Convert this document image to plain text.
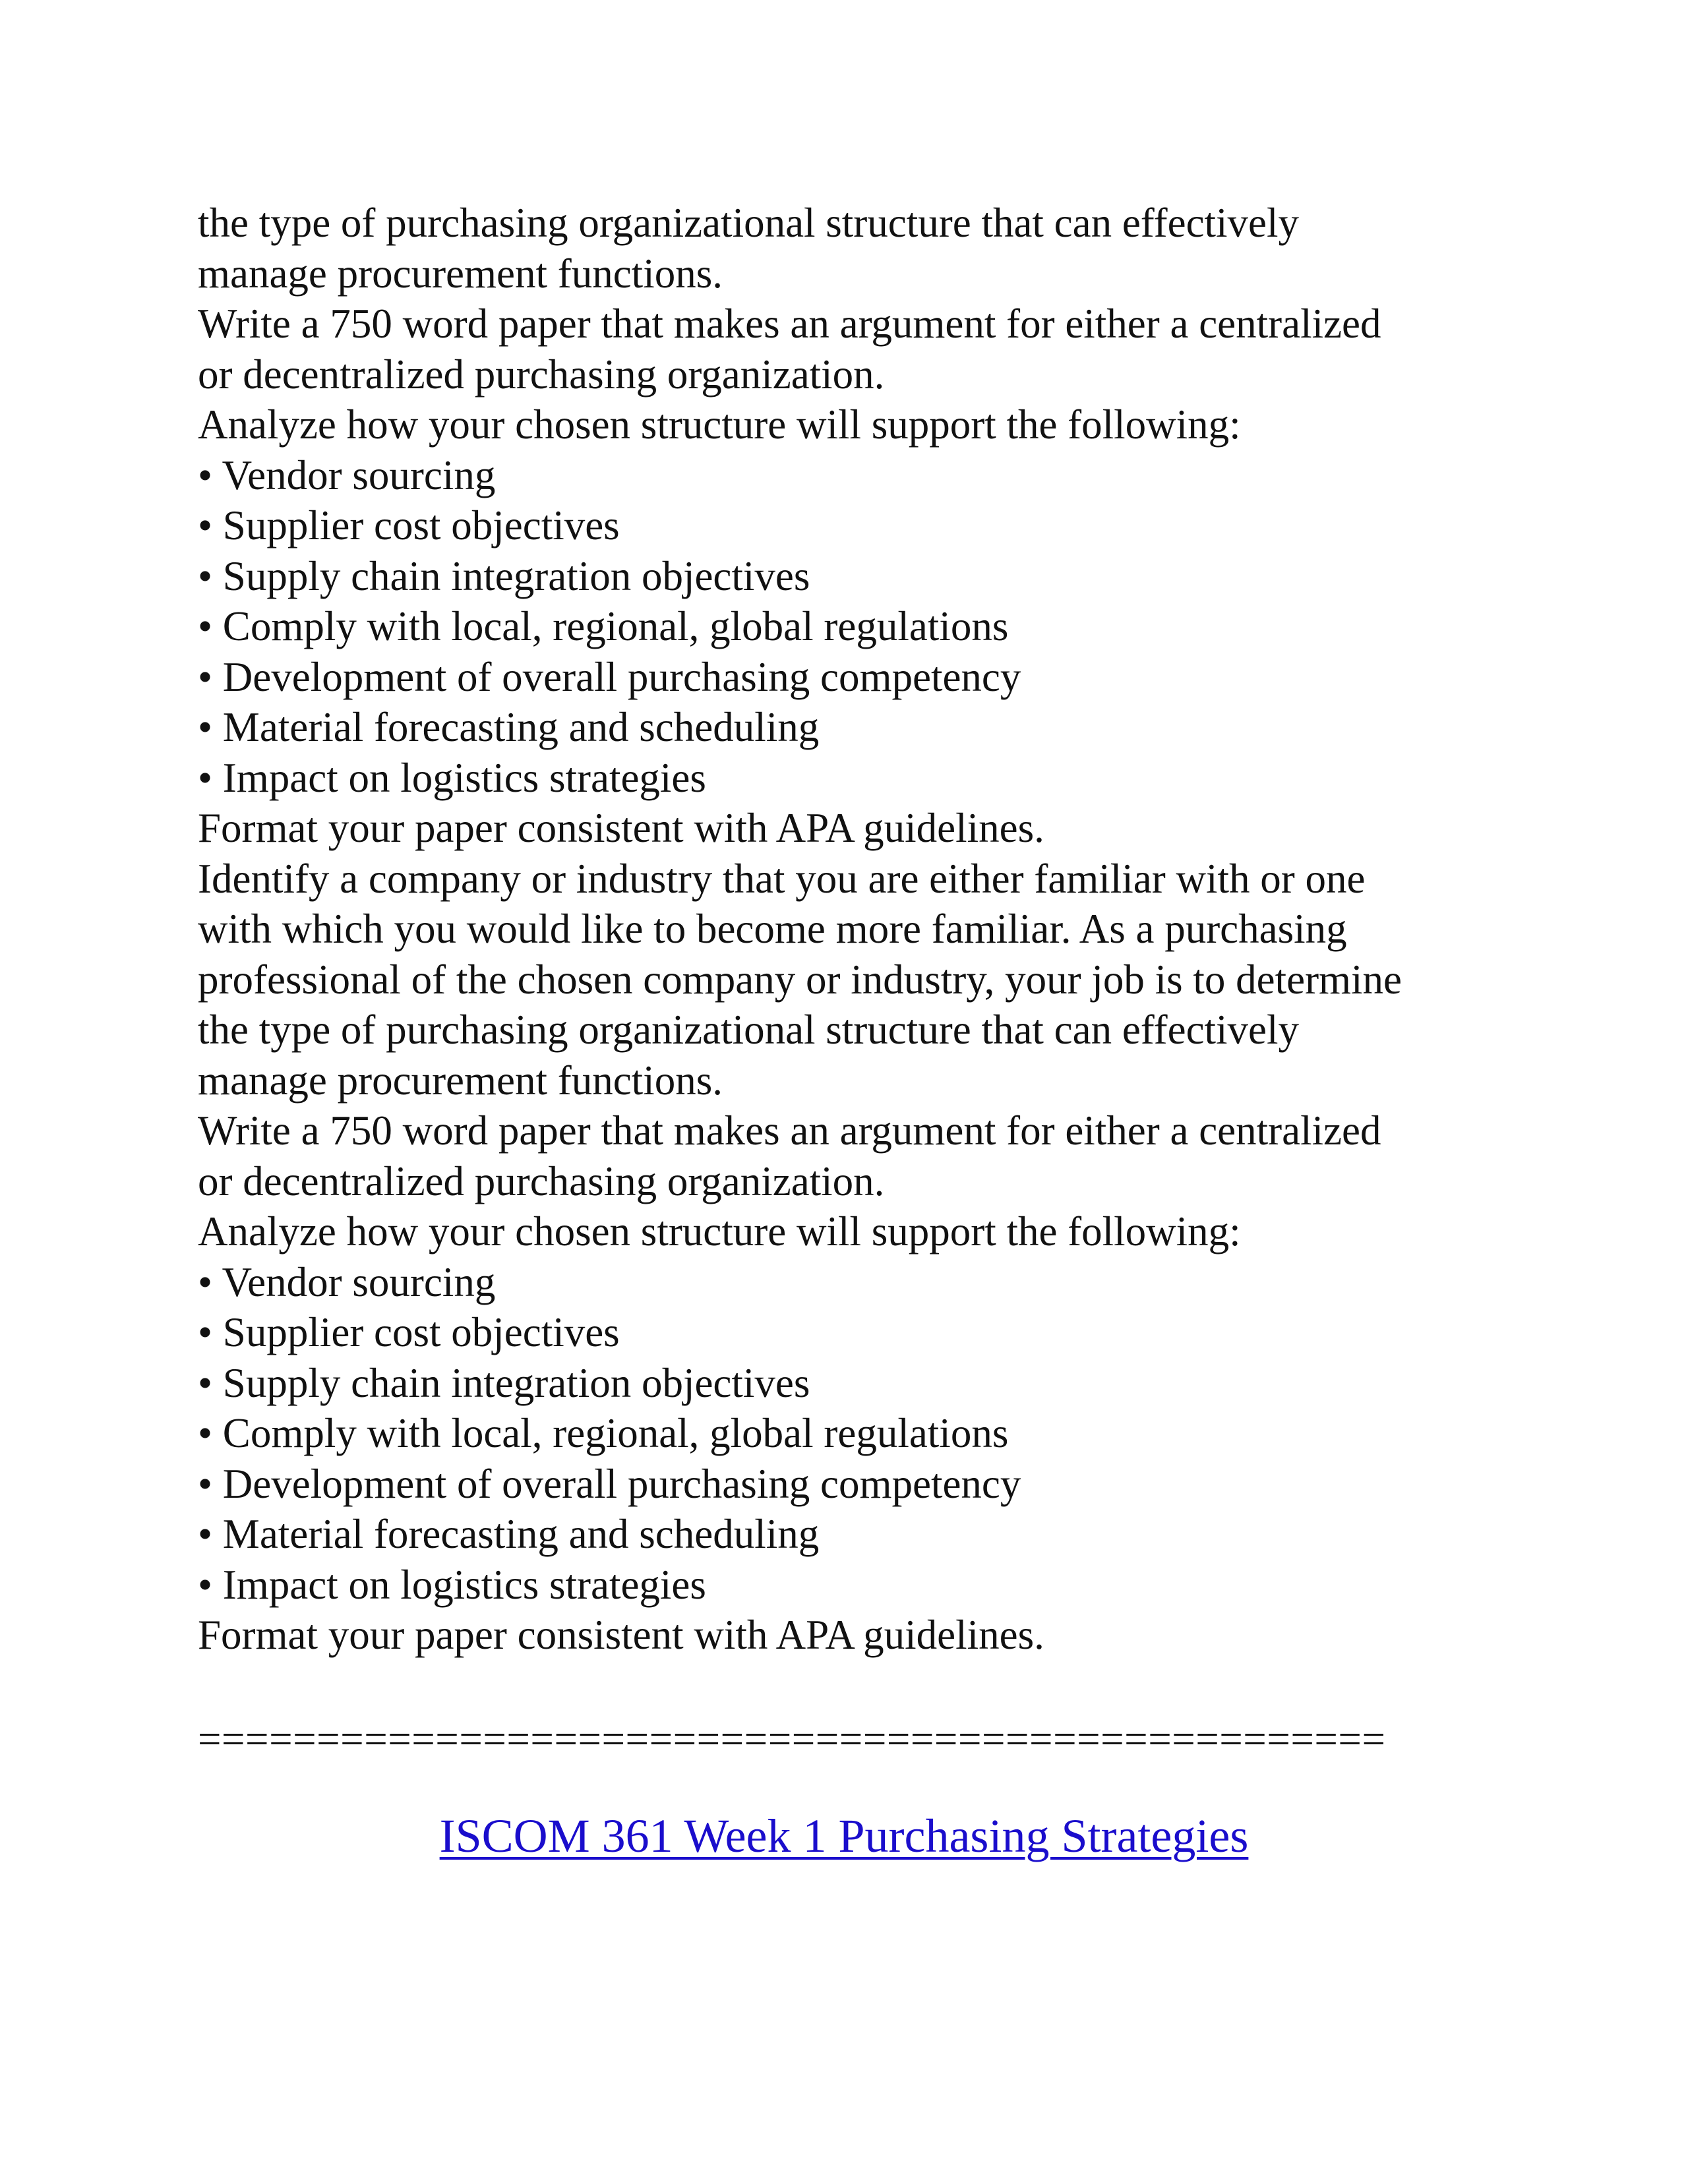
the type of purchasing organizational structure that can effectively
manage procurement functions.
Write a 750 word paper that makes an argument for either a centralized
or decentralized purchasing organization.
Analyze how your chosen structure will support the following:
• Vendor sourcing
• Supplier cost objectives
• Supply chain integration objectives
• Comply with local, regional, global regulations
• Development of overall purchasing competency
• Material forecasting and scheduling
• Impact on logistics strategies
Format your paper consistent with APA guidelines.
Identify a company or industry that you are either familiar with or one
with which you would like to become more familiar. As a purchasing
professional of the chosen company or industry, your job is to determine
the type of purchasing organizational structure that can effectively
manage procurement functions.
Write a 750 word paper that makes an argument for either a centralized
or decentralized purchasing organization.
Analyze how your chosen structure will support the following:
• Vendor sourcing
• Supplier cost objectives
• Supply chain integration objectives
• Comply with local, regional, global regulations
• Development of overall purchasing competency
• Material forecasting and scheduling
• Impact on logistics strategies
Format your paper consistent with APA guidelines.
==================================================
ISCOM 361 Week 1 Purchasing Strategies
